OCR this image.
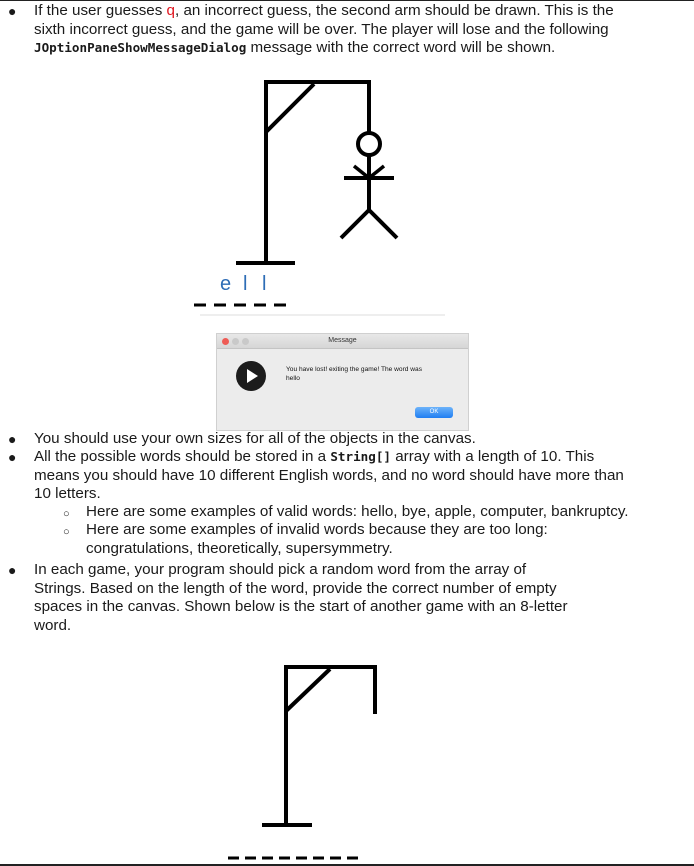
● If the user guesses q, an incorrect guess, the second arm should be drawn. This is the
sixth incorrect guess, and the game will be over. The player will lose and the following
JOptionPaneShowMessageDialog message with the correct word will be shown.
e l l
Message
You have lost! exiting the game! The word was
hello
OK
● You should use your own sizes for all of the objects in the canvas.
● All the possible words should be stored in a String[] array with a length of 10. This
means you should have 10 different English words, and no word should have more than
10 letters.
○ Here are some examples of valid words: hello, bye, apple, computer, bankruptcy.
○ Here are some examples of invalid words because they are too long:
congratulations, theoretically, supersymmetry.
● In each game, your program should pick a random word from the array of
Strings. Based on the length of the word, provide the correct number of empty
spaces in the canvas. Shown below is the start of another game with an 8-letter
word.
